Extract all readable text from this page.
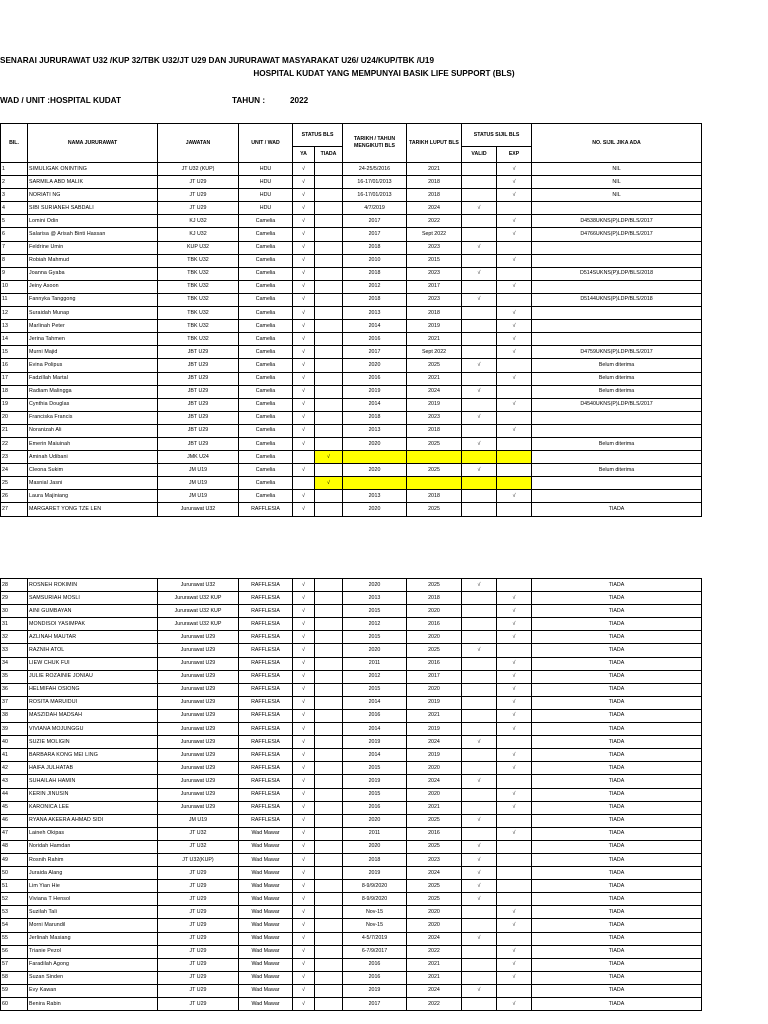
SENARAI JURURAWAT U32 /KUP 32/TBK U32/JT U29 DAN JURURAWAT MASYARAKAT U26/ U24/KUP/TBK /U19
HOSPITAL KUDAT YANG MEMPUNYAI BASIK LIFE SUPPORT (BLS)
WAD / UNIT :HOSPITAL KUDAT	TAHUN :	2022
BIL.	NAMA JURURAWAT	JAWATAN	UNIT / WAD	STATUS BLS		TARIKH / TAHUN MENGIKUTI BLS	TARIKH LUPUT BLS	STATUS SIJIL BLS		NO. SIJIL JIKA ADA
				YA	TIADA			VALID	EXP	
1	SIMULIGAK ONINTING	JT U32 (KUP)	HDU	√		24-25/5/2016	2021		√	NIL
2	SARMILA ABD MALIK	JT U29	HDU	√		16-17/01/2013	2018		√	NIL
3	NORIATI NG	JT U29	HDU	√		16-17/01/2013	2018		√	NIL
4	SIBI SURIANEH SABDALI	JT U29	HDU	√		4/7/2019	2024	√		
5	Lomini Odin	KJ U32	Camelia	√		2017	2022		√	D4538UKNS(P)LDP/BLS/2017
6	Salarisa @ Arisah Binti Hassan	KJ U32	Camelia	√		2017	Sept 2022		√	D4766UKNS(P)LDP/BLS/2017
7	Feldrine Umin	KUP U32	Camelia	√		2018	2023	√		
8	Robiah Mahmud	TBK U32	Camelia	√		2010	2015		√	
9	Joanna Gyaba	TBK U32	Camelia	√		2018	2023	√		D514SUKNS(P)LDP/BLS/2018
10	Jeiny Asoon	TBK U32	Camelia	√		2012	2017		√	
11	Fannyka Tanggong	TBK U32	Camelia	√		2018	2023	√		D5144UKNS(P)LDP/BLS/2018
12	Suraidah Munap	TBK U32	Camelia	√		2013	2018		√	
13	Marlinah Peter	TBK U32	Camelia	√		2014	2019		√	
14	Jerina Tahmen	TBK U32	Camelia	√		2016	2021		√	
15	Murni Majid	JBT U29	Camelia	√		2017	Sept 2022		√	D4759UKNS(P)LDP/BLS/2017
16	Evina Polipus	JBT U29	Camelia	√		2020	2025	√		Belum diterima
17	Fadzillah Martal	JBT U29	Camelia	√		2016	2021		√	Belum diterima
18	Radiam Malingga	JBT U29	Camelia	√		2019	2024	√		Belum diterima
19	Cynthia Douglas	JBT U29	Camelia	√		2014	2019		√	D4540UKNS(P)LDP/BLS/2017
20	Franciska Francis	JBT U29	Camelia	√		2018	2023	√		
21	Noranizah Ali	JBT U29	Camelia	√		2013	2018		√	
22	Emerin Maiuinah	JBT U29	Camelia	√		2020	2025	√		Belum diterima
23	Aminah Udibani	JMK U24	Camelia		√					
24	Cleona Sukim	JM U19	Camelia	√		2020	2025	√		Belum diterima
25	Masnial Jasni	JM U19	Camelia		√					
26	Laura Majiniang	JM U19	Camelia	√		2013	2018		√	
27	MARGARET YONG TZE LEN	Jururawat U32	RAFFLESIA	√		2020	2025			TIADA
28	ROSNEH ROKIMIN	Jururawat U32	RAFFLESIA	√		2020	2025	√		TIADA
29	SAMSURIAH MOSLI	Jururawat U32 KUP	RAFFLESIA	√		2013	2018		√	TIADA
30	AINI GUMBAYAN	Jururawat U32 KUP	RAFFLESIA	√		2015	2020		√	TIADA
31	MONDISOI YASIMPAK	Jururawat U32 KUP	RAFFLESIA	√		2012	2016		√	TIADA
32	AZLINAH MAUTAR	Jururawat U29	RAFFLESIA	√		2015	2020		√	TIADA
33	RAZNIH ATOL	Jururawat U29	RAFFLESIA	√		2020	2025	√		TIADA
34	LIEW CHUK FUI	Jururawat U29	RAFFLESIA	√		2011	2016		√	TIADA
35	JULIE ROZAINIE JONIAU	Jururawat U29	RAFFLESIA	√		2012	2017		√	TIADA
36	HELMIFAH OSIONG	Jururawat U29	RAFFLESIA	√		2015	2020		√	TIADA
37	ROSITA MARUIDUI	Jururawat U29	RAFFLESIA	√		2014	2019		√	TIADA
38	MASZIDAH MADSAH	Jururawat U29	RAFFLESIA	√		2016	2021		√	TIADA
39	VIVIANA MOJUNGGU	Jururawat U29	RAFFLESIA	√		2014	2019		√	TIADA
40	SUZIE MOLIGIN	Jururawat U29	RAFFLESIA	√		2019	2024	√		TIADA
41	BARBARA KONG MEI LING	Jururawat U29	RAFFLESIA	√		2014	2019		√	TIADA
42	HAIFA JULHATAB	Jururawat U29	RAFFLESIA	√		2015	2020		√	TIADA
43	SUHAILAH HAMIN	Jururawat U29	RAFFLESIA	√		2019	2024	√		TIADA
44	KERIN JINUSIN	Jururawat U29	RAFFLESIA	√		2015	2020		√	TIADA
45	KARONICA LEE	Jururawat U29	RAFFLESIA	√		2016	2021		√	TIADA
46	RYANA AKEERA AHMAD SIDI	JM U19	RAFFLESIA	√		2020	2025	√		TIADA
47	Laineh Okipas	JT U32	Wad Mawar	√		2011	2016		√	TIADA
48	Noridah Hamdan	JT U32	Wad Mawar	√		2020	2025	√		TIADA
49	Rosnih Rahim	JT U32(KUP)	Wad Mawar	√		2018	2023	√		TIADA
50	Juraida Alang	JT U29	Wad Mawar	√		2019	2024	√		TIADA
51	Lim Yian Hie	JT U29	Wad Mawar	√		8-9/9/2020	2025	√		TIADA
52	Viviana T Hensol	JT U29	Wad Mawar	√		8-9/9/2020	2025	√		TIADA
53	Suzilah Tali	JT U29	Wad Mawar	√		Nov-15	2020		√	TIADA
54	Morni Marundil	JT U29	Wad Mawar	√		Nov-15	2020		√	TIADA
55	Jerlinah Masiang	JT U29	Wad Mawar	√		4-5/7/2019	2024	√		TIADA
56	Trianie Pezol	JT U29	Wad Mawar	√		6-7/9/2017	2022		√	TIADA
57	Faradilah Agong	JT U29	Wad Mawar	√		2016	2021		√	TIADA
58	Suzan Sinden	JT U29	Wad Mawar	√		2016	2021		√	TIADA
59	Evy Kawan	JT U29	Wad Mawar	√		2019	2024	√		TIADA
60	Benira Rabin	JT U29	Wad Mawar	√		2017	2022		√	TIADA
